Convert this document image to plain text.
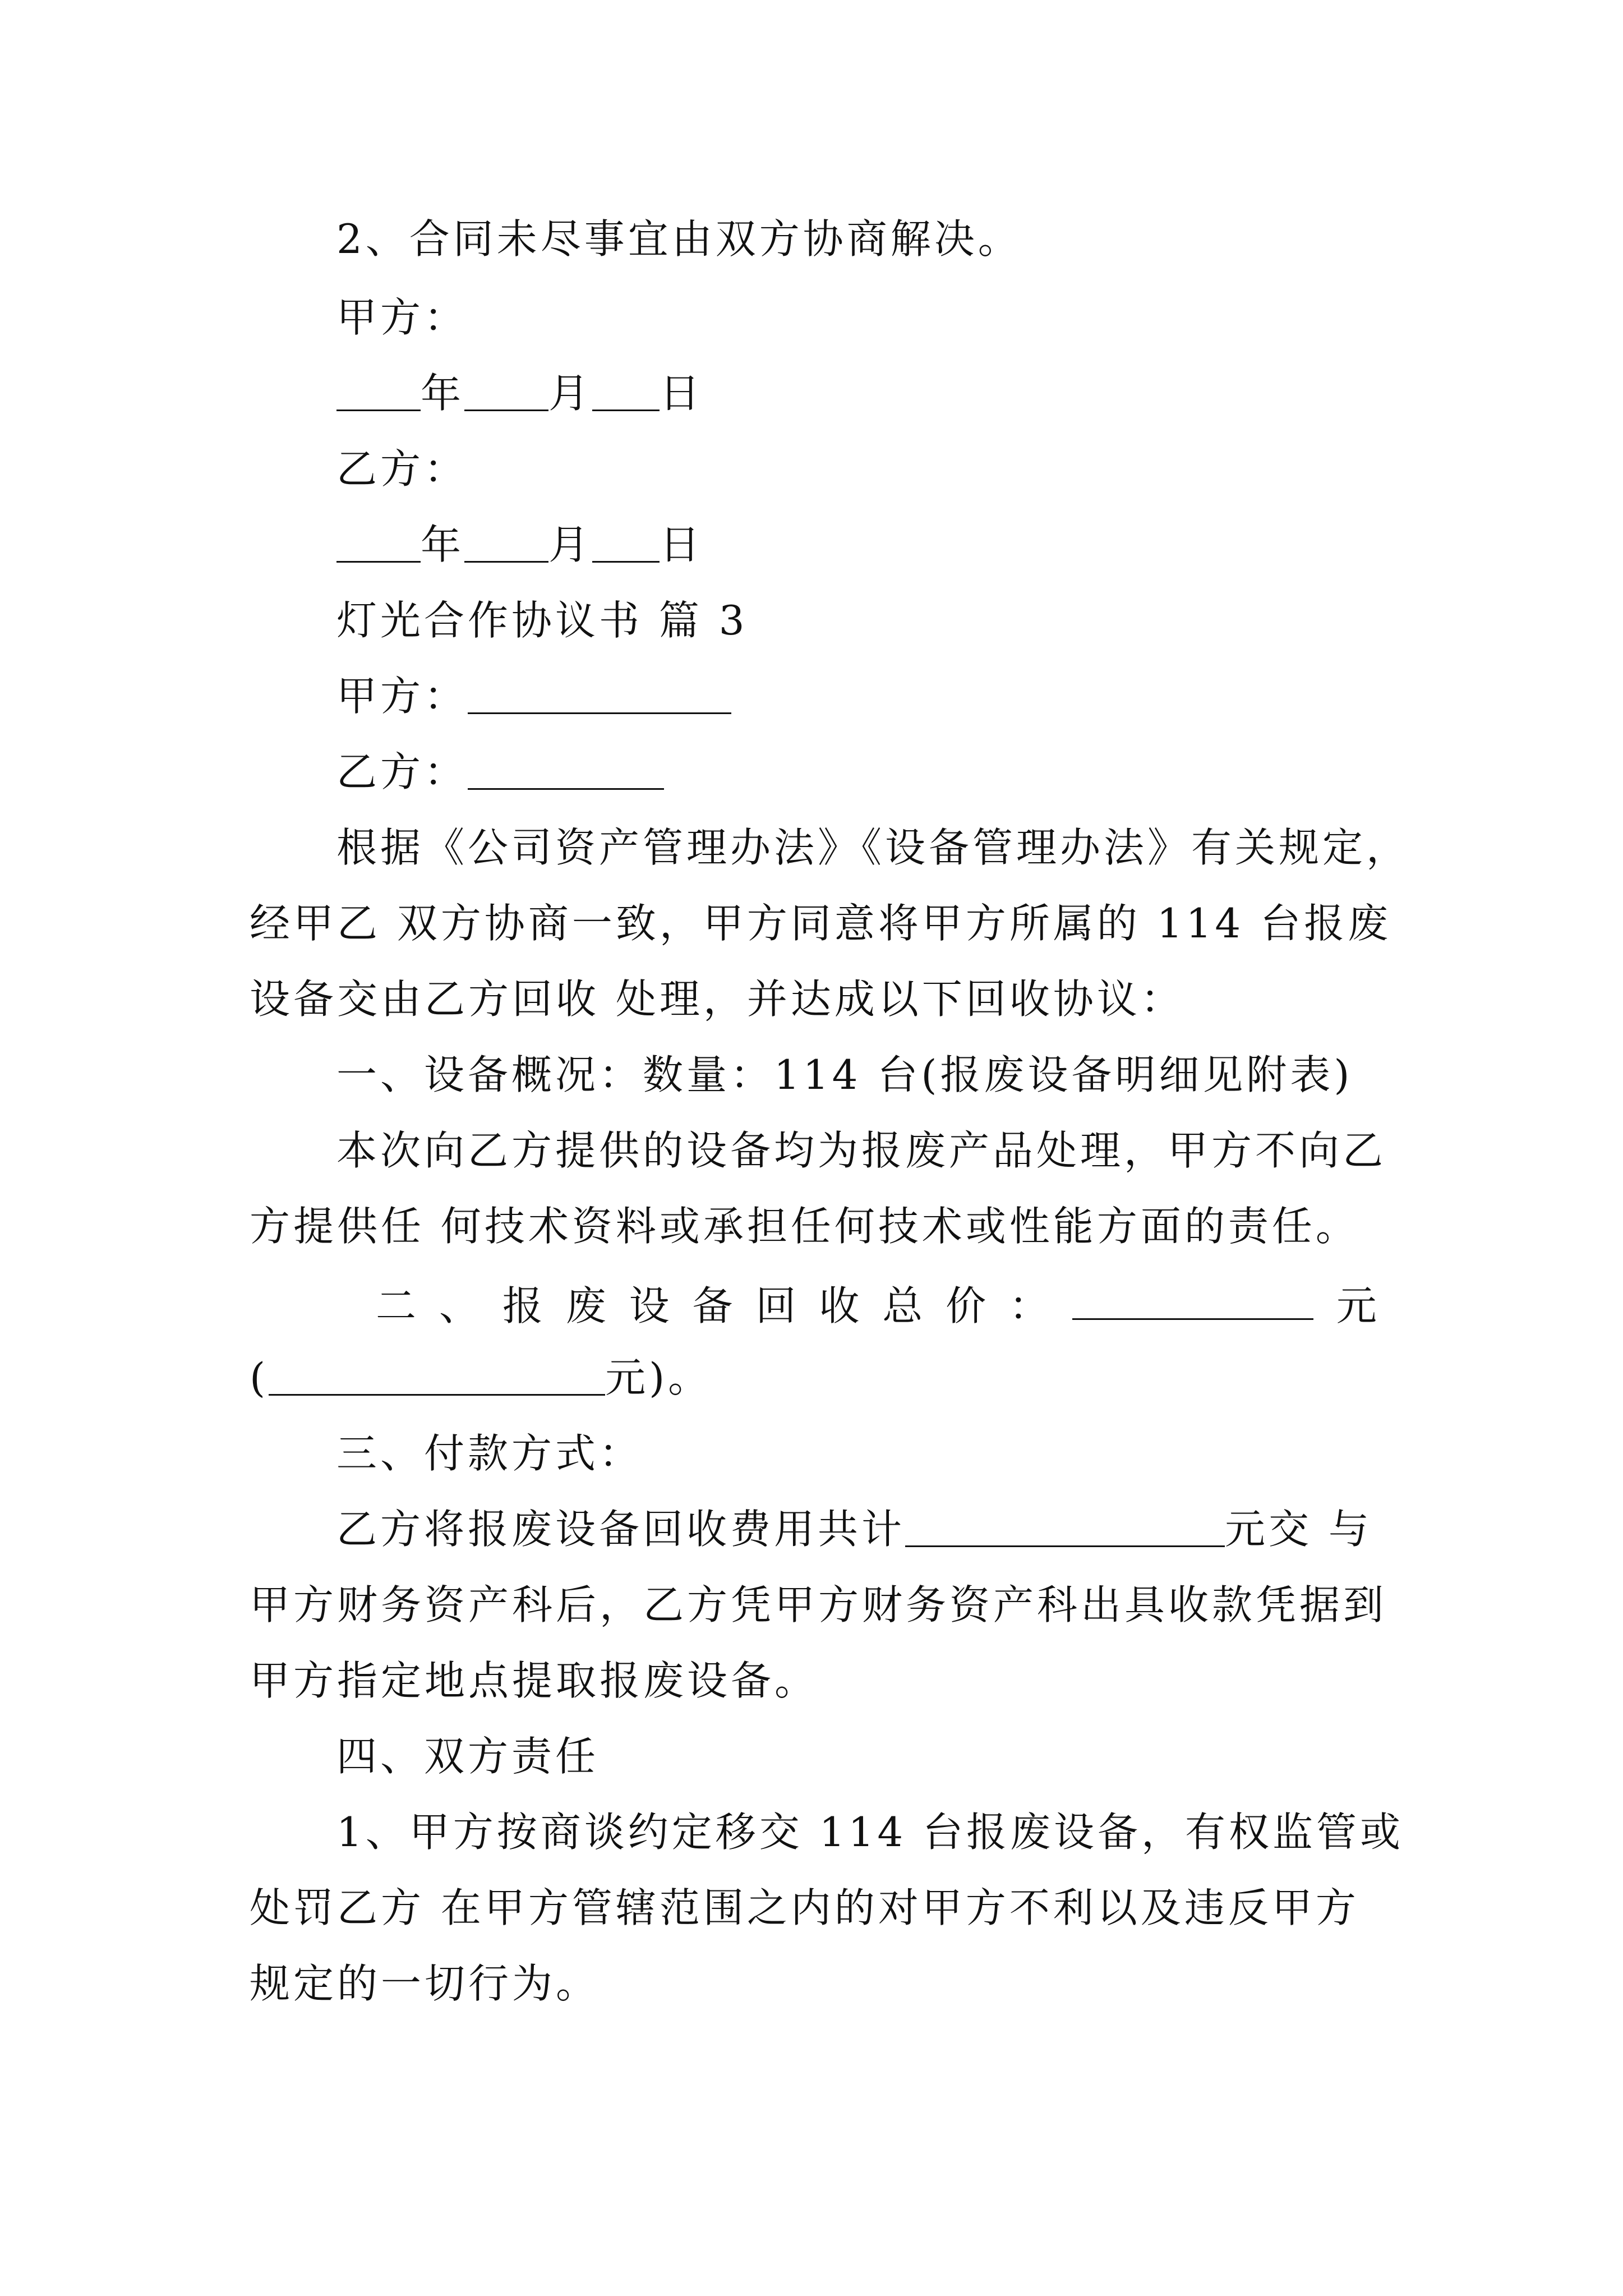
2、合同未尽事宜由双方协商解决。
甲方：
年 月 日
乙方：
年 月 日
灯光合作协议书 篇 3
甲方：
乙方：
根据《公司资产管理办法》《设备管理办法》有关规定，
经甲乙 双方协商一致，甲方同意将甲方所属的 114 台报废
设备交由乙方回收 处理，并达成以下回收协议：
一、设备概况：数量：114 台(报废设备明细见附表)
本次向乙方提供的设备均为报废产品处理，甲方不向乙
方提供任 何技术资料或承担任何技术或性能方面的责任。
二 、 报 废 设 备 回 收 总 价 ：	元
(	元)。
三、付款方式：
乙方将报废设备回收费用共计	元交 与
甲方财务资产科后，乙方凭甲方财务资产科出具收款凭据到
甲方指定地点提取报废设备。
四、双方责任
1、甲方按商谈约定移交 114 台报废设备，有权监管或
处罚乙方 在甲方管辖范围之内的对甲方不利以及违反甲方
规定的一切行为。
